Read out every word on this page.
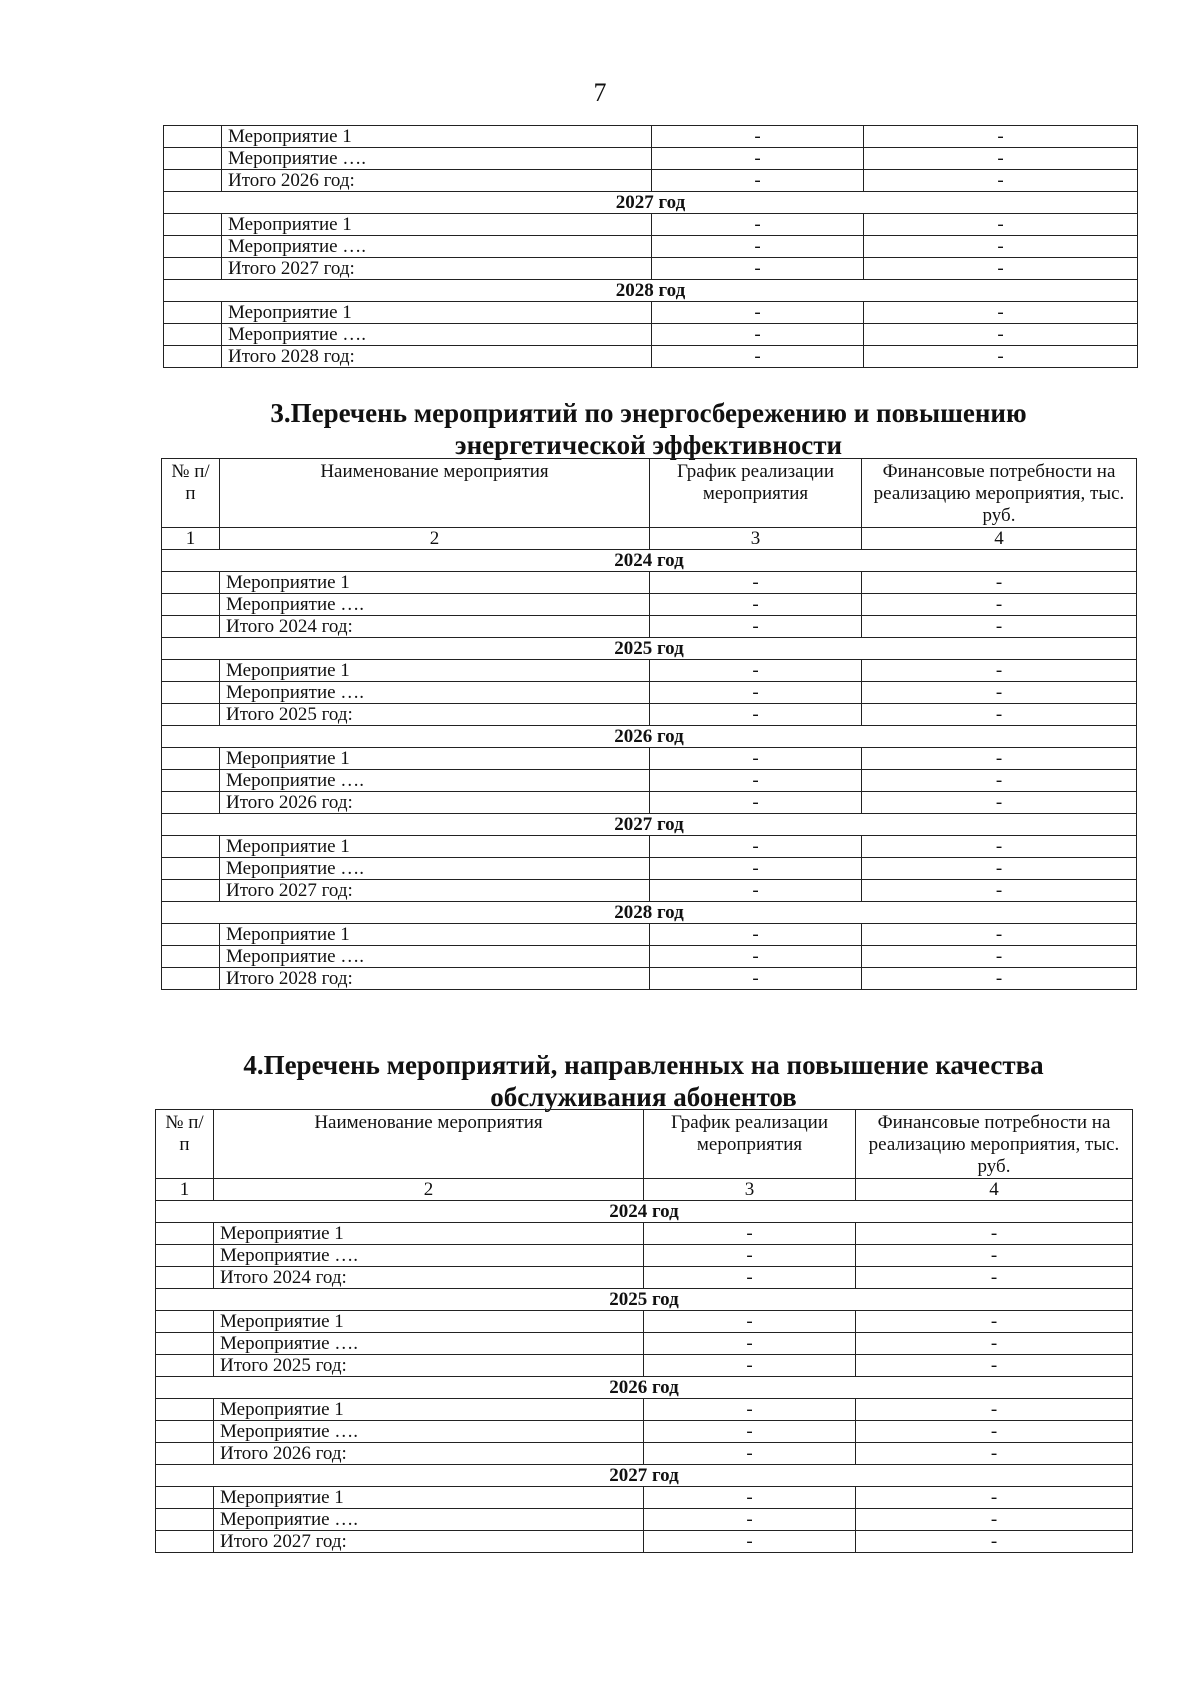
7
	Мероприятие 1	-	-
	Мероприятие ….	-	-
	Итого 2026 год:	-	-
2027 год			
	Мероприятие 1	-	-
	Мероприятие ….	-	-
	Итого 2027 год:	-	-
2028 год			
	Мероприятие 1	-	-
	Мероприятие ….	-	-
	Итого 2028 год:	-	-
3.Перечень мероприятий по энергосбережению и повышению
энергетической эффективности
№ п/п	Наименование мероприятия	График реализации мероприятия	Финансовые потребности на реализацию мероприятия, тыс. руб.
1	2	3	4
2024 год			
	Мероприятие 1	-	-
	Мероприятие ….	-	-
	Итого 2024 год:	-	-
2025 год			
	Мероприятие 1	-	-
	Мероприятие ….	-	-
	Итого 2025 год:	-	-
2026 год			
	Мероприятие 1	-	-
	Мероприятие ….	-	-
	Итого 2026 год:	-	-
2027 год			
	Мероприятие 1	-	-
	Мероприятие ….	-	-
	Итого 2027 год:	-	-
2028 год			
	Мероприятие 1	-	-
	Мероприятие ….	-	-
	Итого 2028 год:	-	-
4.Перечень мероприятий, направленных на повышение качества
обслуживания абонентов
№ п/п	Наименование мероприятия	График реализации мероприятия	Финансовые потребности на реализацию мероприятия, тыс. руб.
1	2	3	4
2024 год			
	Мероприятие 1	-	-
	Мероприятие ….	-	-
	Итого 2024 год:	-	-
2025 год			
	Мероприятие 1	-	-
	Мероприятие ….	-	-
	Итого 2025 год:	-	-
2026 год			
	Мероприятие 1	-	-
	Мероприятие ….	-	-
	Итого 2026 год:	-	-
2027 год			
	Мероприятие 1	-	-
	Мероприятие ….	-	-
	Итого 2027 год:	-	-
